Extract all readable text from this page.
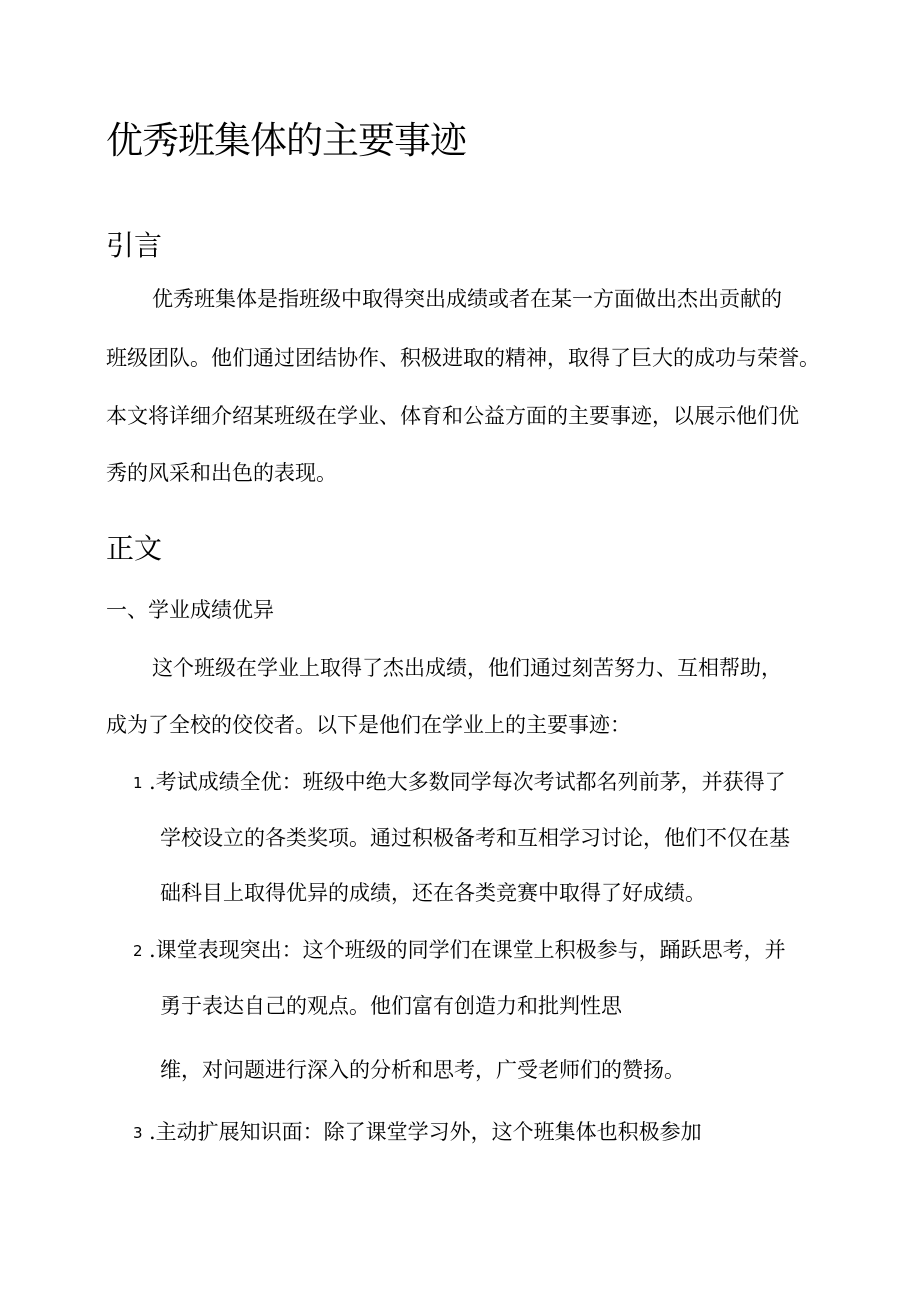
优秀班集体的主要事迹
引言

优秀班集体是指班级中取得突出成绩或者在某一方面做出杰出贡献的

班级团队。他们通过团结协作、积极进取的精神，取得了巨大的成功与荣誉。

本文将详细介绍某班级在学业、体育和公益方面的主要事迹，以展示他们优

秀的风采和出色的表现。

正文

一、学业成绩优异

这个班级在学业上取得了杰出成绩，他们通过刻苦努力、互相帮助，

成为了全校的佼佼者。以下是他们在学业上的主要事迹：

1 .考试成绩全优：班级中绝大多数同学每次考试都名列前茅，并获得了

学校设立的各类奖项。通过积极备考和互相学习讨论，他们不仅在基

础科目上取得优异的成绩，还在各类竞赛中取得了好成绩。

2 .课堂表现突出：这个班级的同学们在课堂上积极参与，踊跃思考，并

勇于表达自己的观点。他们富有创造力和批判性思

维，对问题进行深入的分析和思考，广受老师们的赞扬。

3 .主动扩展知识面：除了课堂学习外，这个班集体也积极参加
